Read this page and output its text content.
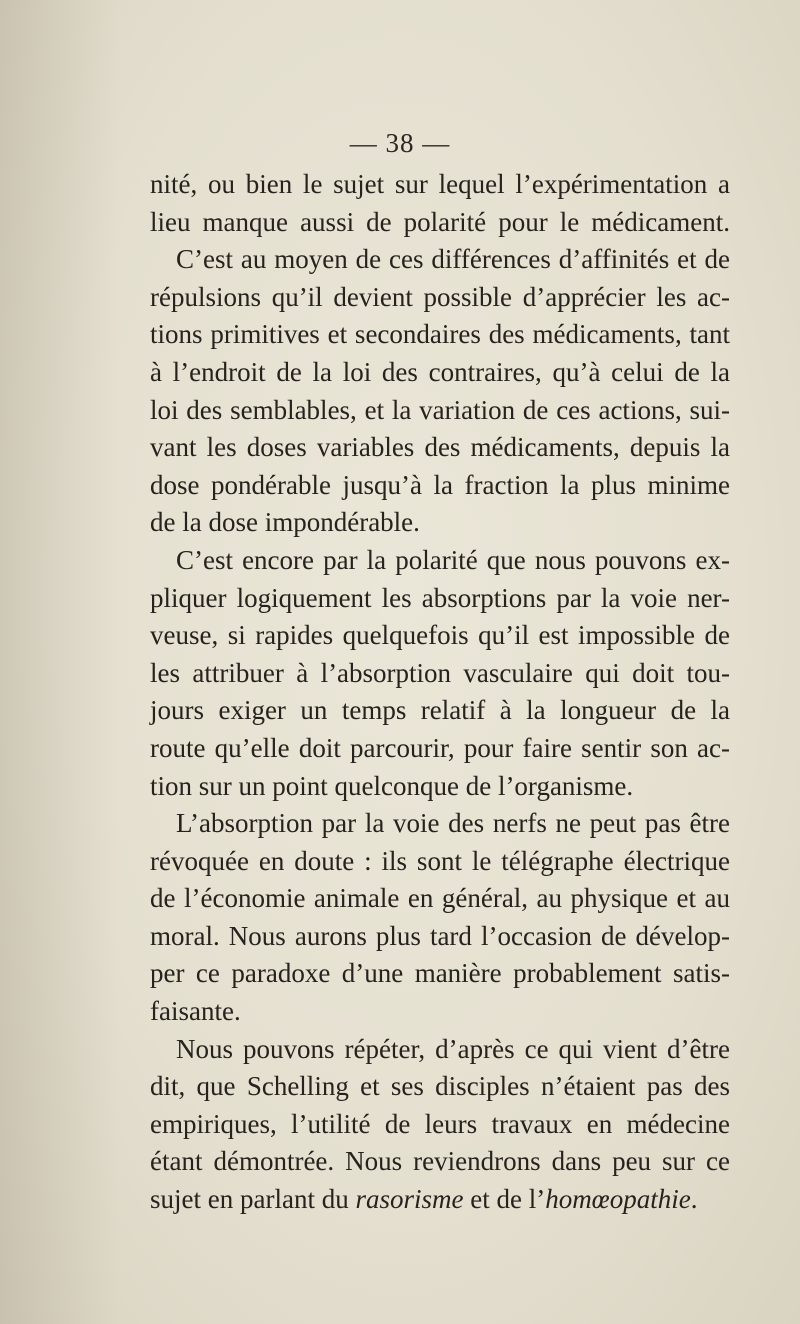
— 38 —
nité, ou bien le sujet sur lequel l’expérimentation a
lieu manque aussi de polarité pour le médicament.
C’est au moyen de ces différences d’affinités et de
répulsions qu’il devient possible d’apprécier les ac-
tions primitives et secondaires des médicaments, tant
à l’endroit de la loi des contraires, qu’à celui de la
loi des semblables, et la variation de ces actions, sui-
vant les doses variables des médicaments, depuis la
dose pondérable jusqu’à la fraction la plus minime
de la dose impondérable.
C’est encore par la polarité que nous pouvons ex-
pliquer logiquement les absorptions par la voie ner-
veuse, si rapides quelquefois qu’il est impossible de
les attribuer à l’absorption vasculaire qui doit tou-
jours exiger un temps relatif à la longueur de la
route qu’elle doit parcourir, pour faire sentir son ac-
tion sur un point quelconque de l’organisme.
L’absorption par la voie des nerfs ne peut pas être
révoquée en doute : ils sont le télégraphe électrique
de l’économie animale en général, au physique et au
moral. Nous aurons plus tard l’occasion de dévelop-
per ce paradoxe d’une manière probablement satis-
faisante.
Nous pouvons répéter, d’après ce qui vient d’être
dit, que Schelling et ses disciples n’étaient pas des
empiriques, l’utilité de leurs travaux en médecine
étant démontrée. Nous reviendrons dans peu sur ce
sujet en parlant du rasorisme et de l’homœopathie.
